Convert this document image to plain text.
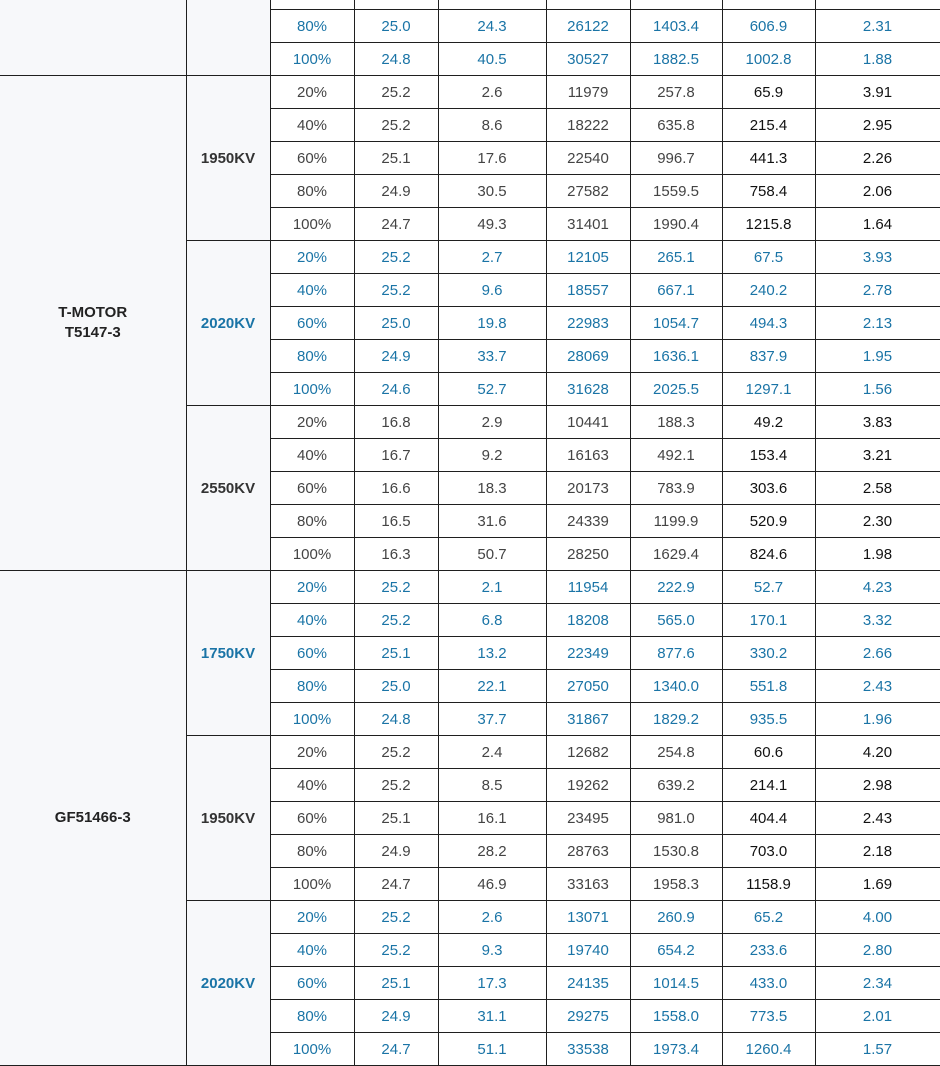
		80%	25.0	24.3	26122	1403.4	606.9	2.31	
		100%	24.8	40.5	30527	1882.5	1002.8	1.88	

T-MOTOR
T5147-3	1950KV	20%	25.2	2.6	11979	257.8	65.9	3.91	
		40%	25.2	8.6	18222	635.8	215.4	2.95	
		60%	25.1	17.6	22540	996.7	441.3	2.26	
		80%	24.9	30.5	27582	1559.5	758.4	2.06	
		100%	24.7	49.3	31401	1990.4	1215.8	1.64	
	2020KV	20%	25.2	2.7	12105	265.1	67.5	3.93	
		40%	25.2	9.6	18557	667.1	240.2	2.78	
		60%	25.0	19.8	22983	1054.7	494.3	2.13	
		80%	24.9	33.7	28069	1636.1	837.9	1.95	
		100%	24.6	52.7	31628	2025.5	1297.1	1.56	
	2550KV	20%	16.8	2.9	10441	188.3	49.2	3.83	
		40%	16.7	9.2	16163	492.1	153.4	3.21	
		60%	16.6	18.3	20173	783.9	303.6	2.58	
		80%	16.5	31.6	24339	1199.9	520.9	2.30	
		100%	16.3	50.7	28250	1629.4	824.6	1.98	

GF51466-3	1750KV	20%	25.2	2.1	11954	222.9	52.7	4.23	
		40%	25.2	6.8	18208	565.0	170.1	3.32	
		60%	25.1	13.2	22349	877.6	330.2	2.66	
		80%	25.0	22.1	27050	1340.0	551.8	2.43	
		100%	24.8	37.7	31867	1829.2	935.5	1.96	
	1950KV	20%	25.2	2.4	12682	254.8	60.6	4.20	
		40%	25.2	8.5	19262	639.2	214.1	2.98	
		60%	25.1	16.1	23495	981.0	404.4	2.43	
		80%	24.9	28.2	28763	1530.8	703.0	2.18	
		100%	24.7	46.9	33163	1958.3	1158.9	1.69	
	2020KV	20%	25.2	2.6	13071	260.9	65.2	4.00	
		40%	25.2	9.3	19740	654.2	233.6	2.80	
		60%	25.1	17.3	24135	1014.5	433.0	2.34	
		80%	24.9	31.1	29275	1558.0	773.5	2.01	
		100%	24.7	51.1	33538	1973.4	1260.4	1.57	
